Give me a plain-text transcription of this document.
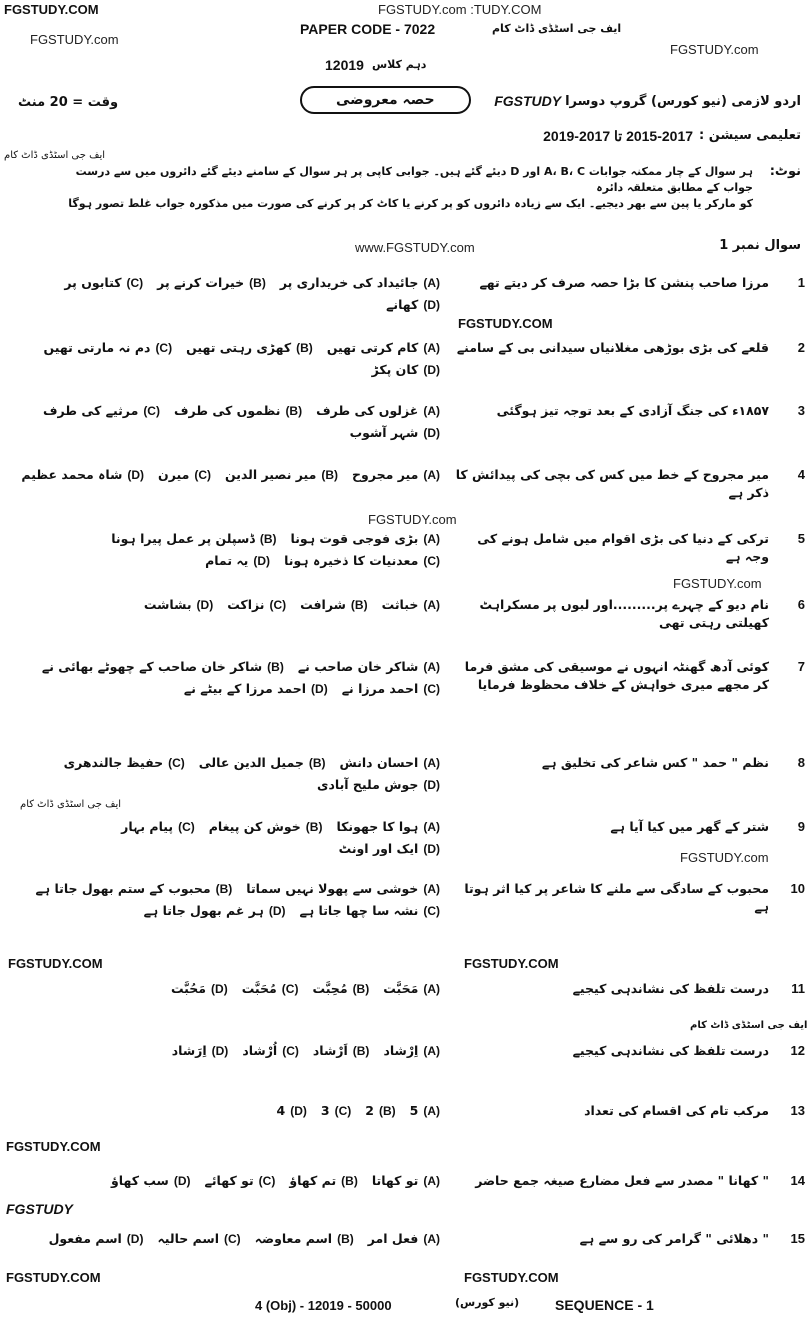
FGSTUDY.COM	FGSTUDY.com :TUDY.COM
PAPER CODE - 7022	ایف جی اسٹڈی ڈاٹ کام
FGSTUDY.com
FGSTUDY.com
دہم کلاس
12019
وقت = 20 منٹ	حصہ معروضی	اردو لازمی (نیو کورس) گروپ دوسرا
FGSTUDY
تعلیمی سیشن :
2015-2017 تا 2017-2019
ایف جی اسٹڈی ڈاٹ کام
نوٹ:
ہر سوال کے چار ممکنہ جوابات A، B، C اور D دیئے گئے ہیں۔ جوابی کاپی پر ہر سوال کے سامنے دیئے گئے دائروں میں سے درست جواب کے مطابق متعلقہ دائرہ
کو مارکر یا پین سے بھر دیجیے۔ ایک سے زیادہ دائروں کو پر کرنے یا کاٹ کر پر کرنے کی صورت میں مذکورہ جواب غلط تصور ہوگا
www.FGSTUDY.com	سوال نمبر 1
1
مرزا صاحب پنشن کا بڑا حصہ صرف کر دیتے تھے
(A)جائیداد کی خریداری پر
(B)خیرات کرنے پر
(C)کتابوں پر
(D)کھانے
2
قلعے کی بڑی بوڑھی مغلانیاں سیدانی بی کے سامنے
(A)کام کرتی تھیں
(B)کھڑی رہتی تھیں
(C)دم نہ مارتی تھیں
(D)کان پکڑ
3
۱۸۵۷ء کی جنگ آزادی کے بعد توجہ تیز ہوگئی
(A)غزلوں کی طرف
(B)نظموں کی طرف
(C)مرثیے کی طرف
(D)شہر آشوب
4
میر مجروح کے خط میں کس کی بچی کی پیدائش کا ذکر ہے
(A)میر مجروح
(B)میر نصیر الدین
(C)میرن
(D)شاہ محمد عظیم
5
ترکی کے دنیا کی بڑی اقوام میں شامل ہونے کی وجہ ہے
(A)بڑی فوجی قوت ہونا
(B)ڈسپلن پر عمل پیرا ہونا
(C)معدنیات کا ذخیرہ ہونا
(D)یہ تمام
6
نام دیو کے چہرے پر.........اور لبوں پر مسکراہٹ کھیلتی رہتی تھی
(A)خباثت
(B)شرافت
(C)نزاکت
(D)بشاشت
7
کوئی آدھ گھنٹہ انہوں نے موسیقی کی مشق فرما کر مجھے میری خواہش کے خلاف محظوظ فرمایا
(A)شاکر خان صاحب نے
(B)شاکر خان صاحب کے چھوٹے بھائی نے
(C)احمد مرزا نے
(D)احمد مرزا کے بیٹے نے
8
نظم " حمد " کس شاعر کی تخلیق ہے
(A)احسان دانش
(B)جمیل الدین عالی
(C)حفیظ جالندھری
(D)جوش ملیح آبادی
9
شتر کے گھر میں کیا آیا ہے
(A)ہوا کا جھونکا
(B)خوش کن پیغام
(C)پیام بہار
(D)ایک اور اونٹ
10
محبوب کے سادگی سے ملنے کا شاعر پر کیا اثر ہوتا ہے
(A)خوشی سے پھولا نہیں سماتا
(B)محبوب کے ستم بھول جاتا ہے
(C)نشہ سا چھا جاتا ہے
(D)ہر غم بھول جاتا ہے
11
درست تلفظ کی نشاندہی کیجیے
(A)مَحَبَّت
(B)مُحِبَّت
(C)مُحَبَّت
(D)مَحُبَّت
12
درست تلفظ کی نشاندہی کیجیے
(A)اِرْشاد
(B)اَرْشاد
(C)اُرْشاد
(D)اِرَشاد
13
مرکب تام کی اقسام کی تعداد
(A)5
(B)2
(C)3
(D)4
14
" کھانا " مصدر سے فعل مضارع صیغہ جمع حاضر
(A)تو کھاتا
(B)تم کھاؤ
(C)تو کھائے
(D)سب کھاؤ
15
" دھلائی " گرامر کی رو سے ہے
(A)فعل امر
(B)اسم معاوضہ
(C)اسم حالیہ
(D)اسم مفعول
FGSTUDY.COM
FGSTUDY.com
FGSTUDY.com
ایف جی اسٹڈی ڈاٹ کام
FGSTUDY.com
FGSTUDY.COM	FGSTUDY.COM
ایف جی اسٹڈی ڈاٹ کام
FGSTUDY.COM
FGSTUDY
FGSTUDY.COM	FGSTUDY.COM
4 (Obj) - 12019 - 50000	(نیو کورس)	SEQUENCE - 1
